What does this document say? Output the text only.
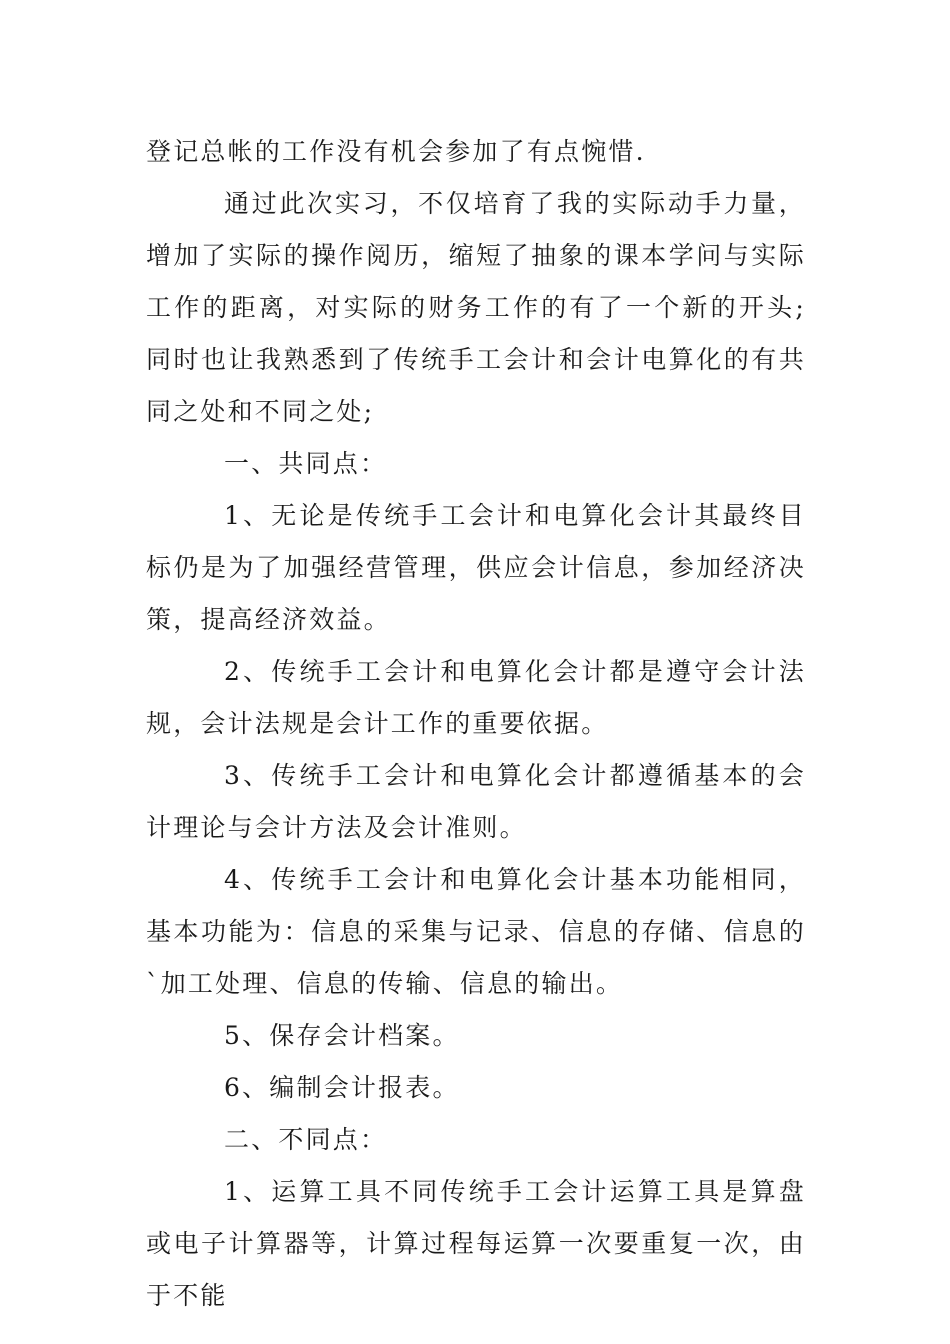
登记总帐的工作没有机会参加了有点惋惜.

通过此次实习，不仅培育了我的实际动手力量，增加了实际的操作阅历，缩短了抽象的课本学问与实际工作的距离，对实际的财务工作的有了一个新的开头;同时也让我熟悉到了传统手工会计和会计电算化的有共同之处和不同之处;

一、共同点：

1、无论是传统手工会计和电算化会计其最终目标仍是为了加强经营管理，供应会计信息，参加经济决策，提高经济效益。

2、传统手工会计和电算化会计都是遵守会计法规，会计法规是会计工作的重要依据。

3、传统手工会计和电算化会计都遵循基本的会计理论与会计方法及会计准则。

4、传统手工会计和电算化会计基本功能相同，基本功能为：信息的采集与记录、信息的存储、信息的`加工处理、信息的传输、信息的输出。

5、保存会计档案。

6、编制会计报表。

二、不同点：

1、运算工具不同传统手工会计运算工具是算盘或电子计算器等，计算过程每运算一次要重复一次，由于不能
